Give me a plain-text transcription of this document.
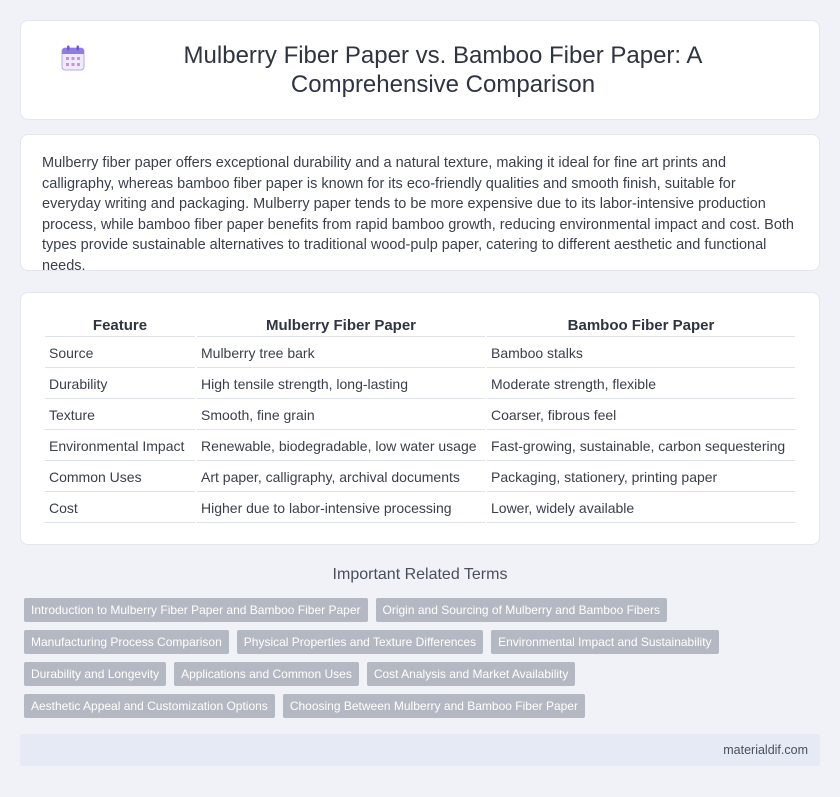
Mulberry Fiber Paper vs. Bamboo Fiber Paper: A Comprehensive Comparison

Mulberry fiber paper offers exceptional durability and a natural texture, making it ideal for fine art prints and calligraphy, whereas bamboo fiber paper is known for its eco-friendly qualities and smooth finish, suitable for everyday writing and packaging. Mulberry paper tends to be more expensive due to its labor-intensive production process, while bamboo fiber paper benefits from rapid bamboo growth, reducing environmental impact and cost. Both types provide sustainable alternatives to traditional wood-pulp paper, catering to different aesthetic and functional needs.

Feature	Mulberry Fiber Paper	Bamboo Fiber Paper
Source	Mulberry tree bark	Bamboo stalks
Durability	High tensile strength, long-lasting	Moderate strength, flexible
Texture	Smooth, fine grain	Coarser, fibrous feel
Environmental Impact	Renewable, biodegradable, low water usage	Fast-growing, sustainable, carbon sequestering
Common Uses	Art paper, calligraphy, archival documents	Packaging, stationery, printing paper
Cost	Higher due to labor-intensive processing	Lower, widely available
Important Related Terms
Introduction to Mulberry Fiber Paper and Bamboo Fiber Paper	Origin and Sourcing of Mulberry and Bamboo Fibers
Manufacturing Process Comparison	Physical Properties and Texture Differences	Environmental Impact and Sustainability
Durability and Longevity	Applications and Common Uses	Cost Analysis and Market Availability
Aesthetic Appeal and Customization Options	Choosing Between Mulberry and Bamboo Fiber Paper
materialdif.com
